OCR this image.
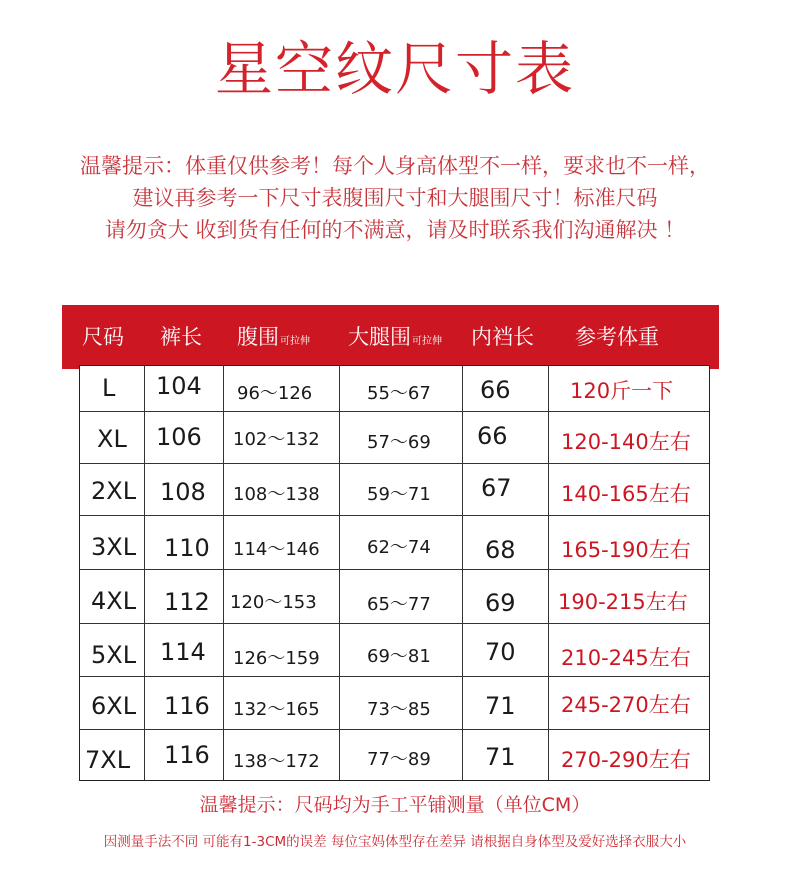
星空纹尺寸表
温馨提示：体重仅供参考！每个人身高体型不一样，要求也不一样，
建议再参考一下尺寸表腹围尺寸和大腿围尺寸！标准尺码
请勿贪大 收到货有任何的不满意，请及时联系我们沟通解决 ！
尺码 裤长 腹围可拉伸 大腿围可拉伸 内裆长 参考体重
L 104 96～126	55～67 66	120斤一下
XL 106 102～132	57～69 66	120-140左右
2XL 108 108～138	59～71 67 140-165左右
3XL 110 114～146	62～74 68 165-190左右
4XL 112 120～153	65～77 69 190-215左右
5XL 114 126～159	69～81 70 210-245左右
6XL 116 132～165	73～85 71 245-270左右
7XL 116 138～172	77～89 71 270-290左右
温馨提示：尺码均为手工平铺测量（单位CM）
因测量手法不同 可能有1-3CM的误差 每位宝妈体型存在差异 请根据自身体型及爱好选择衣服大小
